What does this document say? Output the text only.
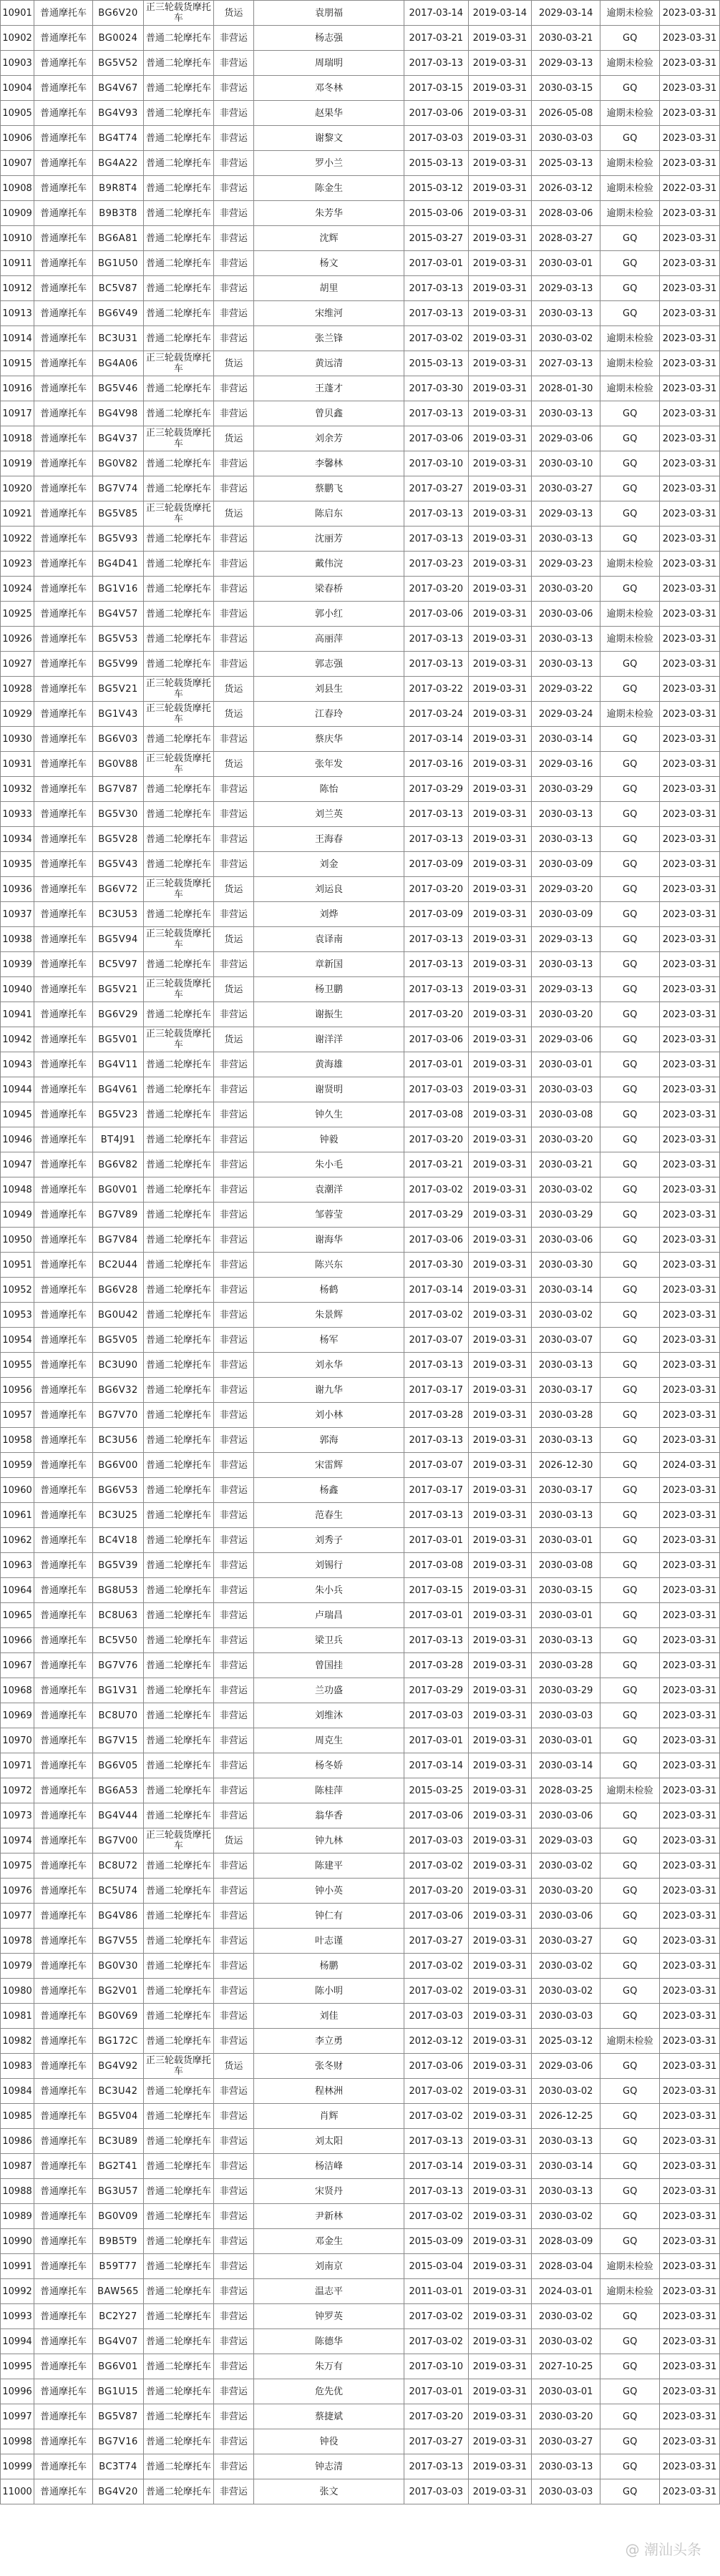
10901	普通摩托车	BG6V20	正三轮载货摩托车	货运	袁朋福	2017-03-14	2019-03-14	2029-03-14	逾期未检验	2023-03-31
10902	普通摩托车	BG0024	普通二轮摩托车	非营运	杨志强	2017-03-21	2019-03-31	2030-03-21	GQ	2023-03-31
10903	普通摩托车	BG5V52	普通二轮摩托车	非营运	周瑞明	2017-03-13	2019-03-31	2029-03-13	逾期未检验	2023-03-31
10904	普通摩托车	BG4V67	普通二轮摩托车	非营运	邓冬林	2017-03-15	2019-03-31	2030-03-15	GQ	2023-03-31
10905	普通摩托车	BG4V93	普通二轮摩托车	非营运	赵果华	2017-03-06	2019-03-31	2026-05-08	逾期未检验	2023-03-31
10906	普通摩托车	BG4T74	普通二轮摩托车	非营运	谢黎文	2017-03-03	2019-03-31	2030-03-03	GQ	2023-03-31
10907	普通摩托车	BG4A22	普通二轮摩托车	非营运	罗小兰	2015-03-13	2019-03-31	2025-03-13	逾期未检验	2023-03-31
10908	普通摩托车	B9R8T4	普通二轮摩托车	非营运	陈金生	2015-03-12	2019-03-31	2026-03-12	逾期未检验	2022-03-31
10909	普通摩托车	B9B3T8	普通二轮摩托车	非营运	朱芳华	2015-03-06	2019-03-31	2028-03-06	逾期未检验	2023-03-31
10910	普通摩托车	BG6A81	普通二轮摩托车	非营运	沈辉	2015-03-27	2019-03-31	2028-03-27	GQ	2023-03-31
10911	普通摩托车	BG1U50	普通二轮摩托车	非营运	杨文	2017-03-01	2019-03-31	2030-03-01	GQ	2023-03-31
10912	普通摩托车	BC5V87	普通二轮摩托车	非营运	胡里	2017-03-13	2019-03-31	2029-03-13	GQ	2023-03-31
10913	普通摩托车	BG6V49	普通二轮摩托车	非营运	宋维河	2017-03-13	2019-03-31	2030-03-13	GQ	2023-03-31
10914	普通摩托车	BC3U31	普通二轮摩托车	非营运	张兰锋	2017-03-02	2019-03-31	2030-03-02	逾期未检验	2023-03-31
10915	普通摩托车	BG4A06	正三轮载货摩托车	货运	黄远清	2015-03-13	2019-03-31	2027-03-13	逾期未检验	2023-03-31
10916	普通摩托车	BG5V46	普通二轮摩托车	非营运	王蓬才	2017-03-30	2019-03-31	2028-01-30	逾期未检验	2023-03-31
10917	普通摩托车	BG4V98	普通二轮摩托车	非营运	曾贝鑫	2017-03-13	2019-03-31	2030-03-13	GQ	2023-03-31
10918	普通摩托车	BG4V37	正三轮载货摩托车	货运	刘余芳	2017-03-06	2019-03-31	2029-03-06	GQ	2023-03-31
10919	普通摩托车	BG0V82	普通二轮摩托车	非营运	李馨林	2017-03-10	2019-03-31	2030-03-10	GQ	2023-03-31
10920	普通摩托车	BG7V74	普通二轮摩托车	非营运	蔡鹏飞	2017-03-27	2019-03-31	2030-03-27	GQ	2023-03-31
10921	普通摩托车	BG5V85	正三轮载货摩托车	货运	陈启东	2017-03-13	2019-03-31	2029-03-13	GQ	2023-03-31
10922	普通摩托车	BG5V93	普通二轮摩托车	非营运	沈丽芳	2017-03-13	2019-03-31	2030-03-13	GQ	2023-03-31
10923	普通摩托车	BG4D41	普通二轮摩托车	非营运	戴伟浣	2017-03-23	2019-03-31	2029-03-23	逾期未检验	2023-03-31
10924	普通摩托车	BG1V16	普通二轮摩托车	非营运	梁春桥	2017-03-20	2019-03-31	2030-03-20	GQ	2023-03-31
10925	普通摩托车	BG4V57	普通二轮摩托车	非营运	郭小红	2017-03-06	2019-03-31	2030-03-06	逾期未检验	2023-03-31
10926	普通摩托车	BG5V53	普通二轮摩托车	非营运	高丽萍	2017-03-13	2019-03-31	2030-03-13	逾期未检验	2023-03-31
10927	普通摩托车	BG5V99	普通二轮摩托车	非营运	郭志强	2017-03-13	2019-03-31	2030-03-13	GQ	2023-03-31
10928	普通摩托车	BG5V21	正三轮载货摩托车	货运	刘县生	2017-03-22	2019-03-31	2029-03-22	GQ	2023-03-31
10929	普通摩托车	BG1V43	正三轮载货摩托车	货运	江春玲	2017-03-24	2019-03-31	2029-03-24	逾期未检验	2023-03-31
10930	普通摩托车	BG6V03	普通二轮摩托车	非营运	蔡庆华	2017-03-14	2019-03-31	2030-03-14	GQ	2023-03-31
10931	普通摩托车	BG0V88	正三轮载货摩托车	货运	张年发	2017-03-16	2019-03-31	2029-03-16	GQ	2023-03-31
10932	普通摩托车	BG7V87	普通二轮摩托车	非营运	陈怡	2017-03-29	2019-03-31	2030-03-29	GQ	2023-03-31
10933	普通摩托车	BG5V30	普通二轮摩托车	非营运	刘兰英	2017-03-13	2019-03-31	2030-03-13	GQ	2023-03-31
10934	普通摩托车	BG5V28	普通二轮摩托车	非营运	王海春	2017-03-13	2019-03-31	2030-03-13	GQ	2023-03-31
10935	普通摩托车	BG5V43	普通二轮摩托车	非营运	刘金	2017-03-09	2019-03-31	2030-03-09	GQ	2023-03-31
10936	普通摩托车	BG6V72	正三轮载货摩托车	货运	刘运良	2017-03-20	2019-03-31	2029-03-20	GQ	2023-03-31
10937	普通摩托车	BC3U53	普通二轮摩托车	非营运	刘烨	2017-03-09	2019-03-31	2030-03-09	GQ	2023-03-31
10938	普通摩托车	BG5V94	正三轮载货摩托车	货运	袁译南	2017-03-13	2019-03-31	2029-03-13	GQ	2023-03-31
10939	普通摩托车	BC5V97	普通二轮摩托车	非营运	章新国	2017-03-13	2019-03-31	2030-03-13	GQ	2023-03-31
10940	普通摩托车	BG5V21	正三轮载货摩托车	货运	杨卫鹏	2017-03-13	2019-03-31	2029-03-13	GQ	2023-03-31
10941	普通摩托车	BG6V29	普通二轮摩托车	非营运	谢振生	2017-03-20	2019-03-31	2030-03-20	GQ	2023-03-31
10942	普通摩托车	BG5V01	正三轮载货摩托车	货运	谢洋洋	2017-03-06	2019-03-31	2029-03-06	GQ	2023-03-31
10943	普通摩托车	BG4V11	普通二轮摩托车	非营运	黄海雄	2017-03-01	2019-03-31	2030-03-01	GQ	2023-03-31
10944	普通摩托车	BG4V61	普通二轮摩托车	非营运	谢贤明	2017-03-03	2019-03-31	2030-03-03	GQ	2023-03-31
10945	普通摩托车	BG5V23	普通二轮摩托车	非营运	钟久生	2017-03-08	2019-03-31	2030-03-08	GQ	2023-03-31
10946	普通摩托车	BT4J91	普通二轮摩托车	非营运	钟毅	2017-03-20	2019-03-31	2030-03-20	GQ	2023-03-31
10947	普通摩托车	BG6V82	普通二轮摩托车	非营运	朱小毛	2017-03-21	2019-03-31	2030-03-21	GQ	2023-03-31
10948	普通摩托车	BG0V01	普通二轮摩托车	非营运	袁潮洋	2017-03-02	2019-03-31	2030-03-02	GQ	2023-03-31
10949	普通摩托车	BG7V89	普通二轮摩托车	非营运	邹蓉莹	2017-03-29	2019-03-31	2030-03-29	GQ	2023-03-31
10950	普通摩托车	BG7V84	普通二轮摩托车	非营运	谢海华	2017-03-06	2019-03-31	2030-03-06	GQ	2023-03-31
10951	普通摩托车	BC2U44	普通二轮摩托车	非营运	陈兴东	2017-03-30	2019-03-31	2030-03-30	GQ	2023-03-31
10952	普通摩托车	BG6V28	普通二轮摩托车	非营运	杨鹤	2017-03-14	2019-03-31	2030-03-14	GQ	2023-03-31
10953	普通摩托车	BG0U42	普通二轮摩托车	非营运	朱景辉	2017-03-02	2019-03-31	2030-03-02	GQ	2023-03-31
10954	普通摩托车	BG5V05	普通二轮摩托车	非营运	杨军	2017-03-07	2019-03-31	2030-03-07	GQ	2023-03-31
10955	普通摩托车	BC3U90	普通二轮摩托车	非营运	刘永华	2017-03-13	2019-03-31	2030-03-13	GQ	2023-03-31
10956	普通摩托车	BG6V32	普通二轮摩托车	非营运	谢九华	2017-03-17	2019-03-31	2030-03-17	GQ	2023-03-31
10957	普通摩托车	BG7V70	普通二轮摩托车	非营运	刘小林	2017-03-28	2019-03-31	2030-03-28	GQ	2023-03-31
10958	普通摩托车	BC3U56	普通二轮摩托车	非营运	郭海	2017-03-13	2019-03-31	2030-03-13	GQ	2023-03-31
10959	普通摩托车	BG6V00	普通二轮摩托车	非营运	宋雷辉	2017-03-07	2019-03-31	2026-12-30	GQ	2024-03-31
10960	普通摩托车	BG6V53	普通二轮摩托车	非营运	杨鑫	2017-03-17	2019-03-31	2030-03-17	GQ	2023-03-31
10961	普通摩托车	BC3U25	普通二轮摩托车	非营运	范春生	2017-03-13	2019-03-31	2030-03-13	GQ	2023-03-31
10962	普通摩托车	BC4V18	普通二轮摩托车	非营运	刘秀子	2017-03-01	2019-03-31	2030-03-01	GQ	2023-03-31
10963	普通摩托车	BG5V39	普通二轮摩托车	非营运	刘锡行	2017-03-08	2019-03-31	2030-03-08	GQ	2023-03-31
10964	普通摩托车	BG8U53	普通二轮摩托车	非营运	朱小兵	2017-03-15	2019-03-31	2030-03-15	GQ	2023-03-31
10965	普通摩托车	BC8U63	普通二轮摩托车	非营运	卢瑞昌	2017-03-01	2019-03-31	2030-03-01	GQ	2023-03-31
10966	普通摩托车	BC5V50	普通二轮摩托车	非营运	梁卫兵	2017-03-13	2019-03-31	2030-03-13	GQ	2023-03-31
10967	普通摩托车	BG7V76	普通二轮摩托车	非营运	曾国挂	2017-03-28	2019-03-31	2030-03-28	GQ	2023-03-31
10968	普通摩托车	BG1V31	普通二轮摩托车	非营运	兰功盛	2017-03-29	2019-03-31	2030-03-29	GQ	2023-03-31
10969	普通摩托车	BC8U70	普通二轮摩托车	非营运	刘维沐	2017-03-03	2019-03-31	2030-03-03	GQ	2023-03-31
10970	普通摩托车	BG7V15	普通二轮摩托车	非营运	周克生	2017-03-01	2019-03-31	2030-03-01	GQ	2023-03-31
10971	普通摩托车	BG6V05	普通二轮摩托车	非营运	杨冬娇	2017-03-14	2019-03-31	2030-03-14	GQ	2023-03-31
10972	普通摩托车	BG6A53	普通二轮摩托车	非营运	陈桂萍	2015-03-25	2019-03-31	2028-03-25	逾期未检验	2023-03-31
10973	普通摩托车	BG4V44	普通二轮摩托车	非营运	翁华香	2017-03-06	2019-03-31	2030-03-06	GQ	2023-03-31
10974	普通摩托车	BG7V00	正三轮载货摩托车	货运	钟九林	2017-03-03	2019-03-31	2029-03-03	GQ	2023-03-31
10975	普通摩托车	BC8U72	普通二轮摩托车	非营运	陈建平	2017-03-02	2019-03-31	2030-03-02	GQ	2023-03-31
10976	普通摩托车	BC5U74	普通二轮摩托车	非营运	钟小英	2017-03-20	2019-03-31	2030-03-20	GQ	2023-03-31
10977	普通摩托车	BG4V86	普通二轮摩托车	非营运	钟仁有	2017-03-06	2019-03-31	2030-03-06	GQ	2023-03-31
10978	普通摩托车	BG7V55	普通二轮摩托车	非营运	叶志谨	2017-03-27	2019-03-31	2030-03-27	GQ	2023-03-31
10979	普通摩托车	BG0V30	普通二轮摩托车	非营运	杨鹏	2017-03-02	2019-03-31	2030-03-02	GQ	2023-03-31
10980	普通摩托车	BG2V01	普通二轮摩托车	非营运	陈小明	2017-03-02	2019-03-31	2030-03-02	GQ	2023-03-31
10981	普通摩托车	BG0V69	普通二轮摩托车	非营运	刘佳	2017-03-03	2019-03-31	2030-03-03	GQ	2023-03-31
10982	普通摩托车	BG172C	普通二轮摩托车	非营运	李立勇	2012-03-12	2019-03-31	2025-03-12	逾期未检验	2023-03-31
10983	普通摩托车	BG4V92	正三轮载货摩托车	货运	张冬财	2017-03-06	2019-03-31	2029-03-06	GQ	2023-03-31
10984	普通摩托车	BC3U42	普通二轮摩托车	非营运	程林洲	2017-03-02	2019-03-31	2030-03-02	GQ	2023-03-31
10985	普通摩托车	BG5V04	普通二轮摩托车	非营运	肖辉	2017-03-02	2019-03-31	2026-12-25	GQ	2023-03-31
10986	普通摩托车	BC3U89	普通二轮摩托车	非营运	刘太阳	2017-03-13	2019-03-31	2030-03-13	GQ	2023-03-31
10987	普通摩托车	BG2T41	普通二轮摩托车	非营运	杨洁峰	2017-03-14	2019-03-31	2030-03-14	GQ	2023-03-31
10988	普通摩托车	BG3U57	普通二轮摩托车	非营运	宋贤丹	2017-03-13	2019-03-31	2030-03-13	GQ	2023-03-31
10989	普通摩托车	BG0V09	普通二轮摩托车	非营运	尹新林	2017-03-02	2019-03-31	2030-03-02	GQ	2023-03-31
10990	普通摩托车	B9B5T9	普通二轮摩托车	非营运	邓金生	2015-03-09	2019-03-31	2028-03-09	GQ	2023-03-31
10991	普通摩托车	B59T77	普通二轮摩托车	非营运	刘南京	2015-03-04	2019-03-31	2028-03-04	逾期未检验	2023-03-31
10992	普通摩托车	BAW565	普通二轮摩托车	非营运	温志平	2011-03-01	2019-03-31	2024-03-01	逾期未检验	2023-03-31
10993	普通摩托车	BC2Y27	普通二轮摩托车	非营运	钟罗英	2017-03-02	2019-03-31	2030-03-02	GQ	2023-03-31
10994	普通摩托车	BG4V07	普通二轮摩托车	非营运	陈德华	2017-03-02	2019-03-31	2030-03-02	GQ	2023-03-31
10995	普通摩托车	BG6V01	普通二轮摩托车	非营运	朱万有	2017-03-10	2019-03-31	2027-10-25	GQ	2023-03-31
10996	普通摩托车	BG1U15	普通二轮摩托车	非营运	危先优	2017-03-01	2019-03-31	2030-03-01	GQ	2023-03-31
10997	普通摩托车	BG5V87	普通二轮摩托车	非营运	蔡捷斌	2017-03-20	2019-03-31	2030-03-20	GQ	2023-03-31
10998	普通摩托车	BG7V16	普通二轮摩托车	非营运	钟役	2017-03-27	2019-03-31	2030-03-27	GQ	2023-03-31
10999	普通摩托车	BC3T74	普通二轮摩托车	非营运	钟志清	2017-03-13	2019-03-31	2030-03-13	GQ	2023-03-31
11000	普通摩托车	BG4V20	普通二轮摩托车	非营运	张文	2017-03-03	2019-03-31	2030-03-03	GQ	2023-03-31
@ 潮汕头条
